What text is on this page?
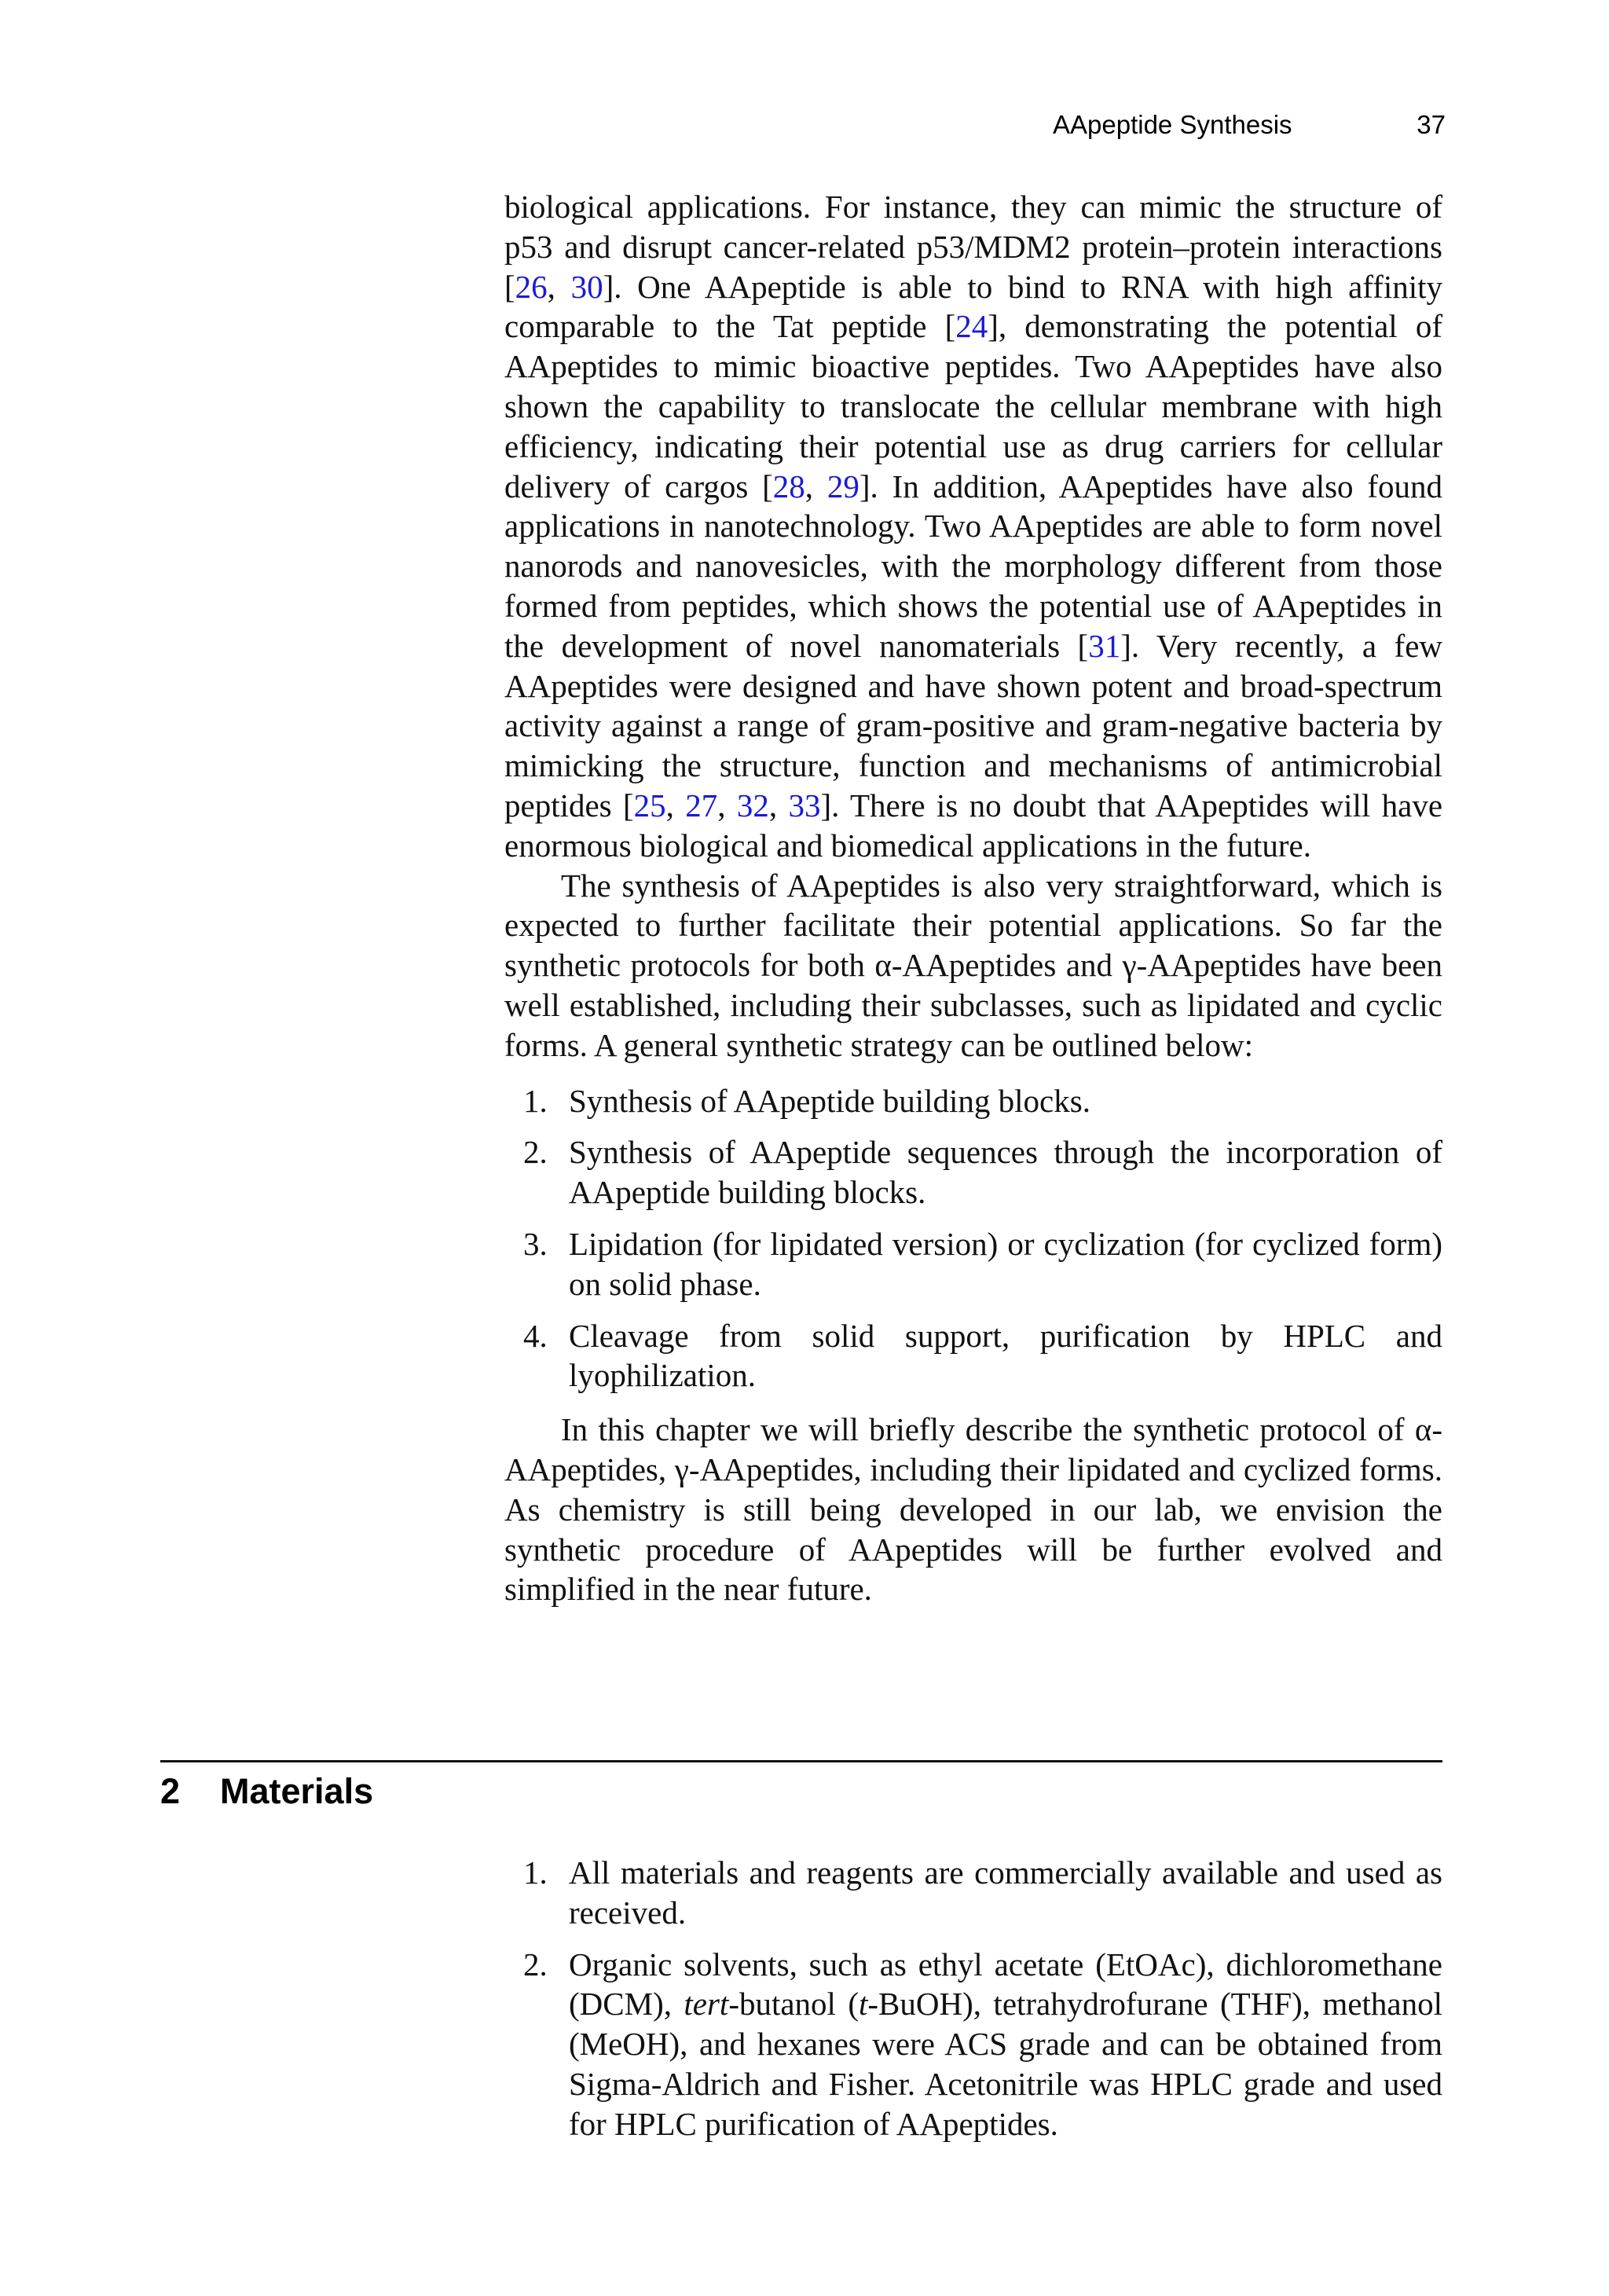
AApeptide Synthesis	37

biological applications. For instance, they can mimic the structure of p53 and disrupt cancer-related p53/MDM2 protein–protein interactions [26, 30]. One AApeptide is able to bind to RNA with high affinity comparable to the Tat peptide [24], demonstrating the potential of AApeptides to mimic bioactive peptides. Two AApeptides have also shown the capability to translocate the cellular membrane with high efficiency, indicating their potential use as drug carriers for cellular delivery of cargos [28, 29]. In addition, AApeptides have also found applications in nanotechnology. Two AApeptides are able to form novel nanorods and nanovesicles, with the morphology different from those formed from peptides, which shows the potential use of AApeptides in the development of novel nanomaterials [31]. Very recently, a few AApeptides were designed and have shown potent and broad-spectrum activity against a range of gram-positive and gram-negative bacteria by mimicking the structure, function and mechanisms of antimicrobial peptides [25, 27, 32, 33]. There is no doubt that AApeptides will have enormous biological and biomedical applications in the future.

The synthesis of AApeptides is also very straightforward, which is expected to further facilitate their potential applications. So far the synthetic protocols for both α-AApeptides and γ-AApeptides have been well established, including their subclasses, such as lipidated and cyclic forms. A general synthetic strategy can be outlined below:

1. Synthesis of AApeptide building blocks.
2. Synthesis of AApeptide sequences through the incorporation of AApeptide building blocks.
3. Lipidation (for lipidated version) or cyclization (for cyclized form) on solid phase.
4. Cleavage from solid support, purification by HPLC and lyophilization.

In this chapter we will briefly describe the synthetic protocol of α-AApeptides, γ-AApeptides, including their lipidated and cyclized forms. As chemistry is still being developed in our lab, we envision the synthetic procedure of AApeptides will be further evolved and simplified in the near future.

2 Materials
1. All materials and reagents are commercially available and used as received.
2. Organic solvents, such as ethyl acetate (EtOAc), dichloromethane (DCM), tert-butanol (t-BuOH), tetrahydrofurane (THF), methanol (MeOH), and hexanes were ACS grade and can be obtained from Sigma-Aldrich and Fisher. Acetonitrile was HPLC grade and used for HPLC purification of AApeptides.
